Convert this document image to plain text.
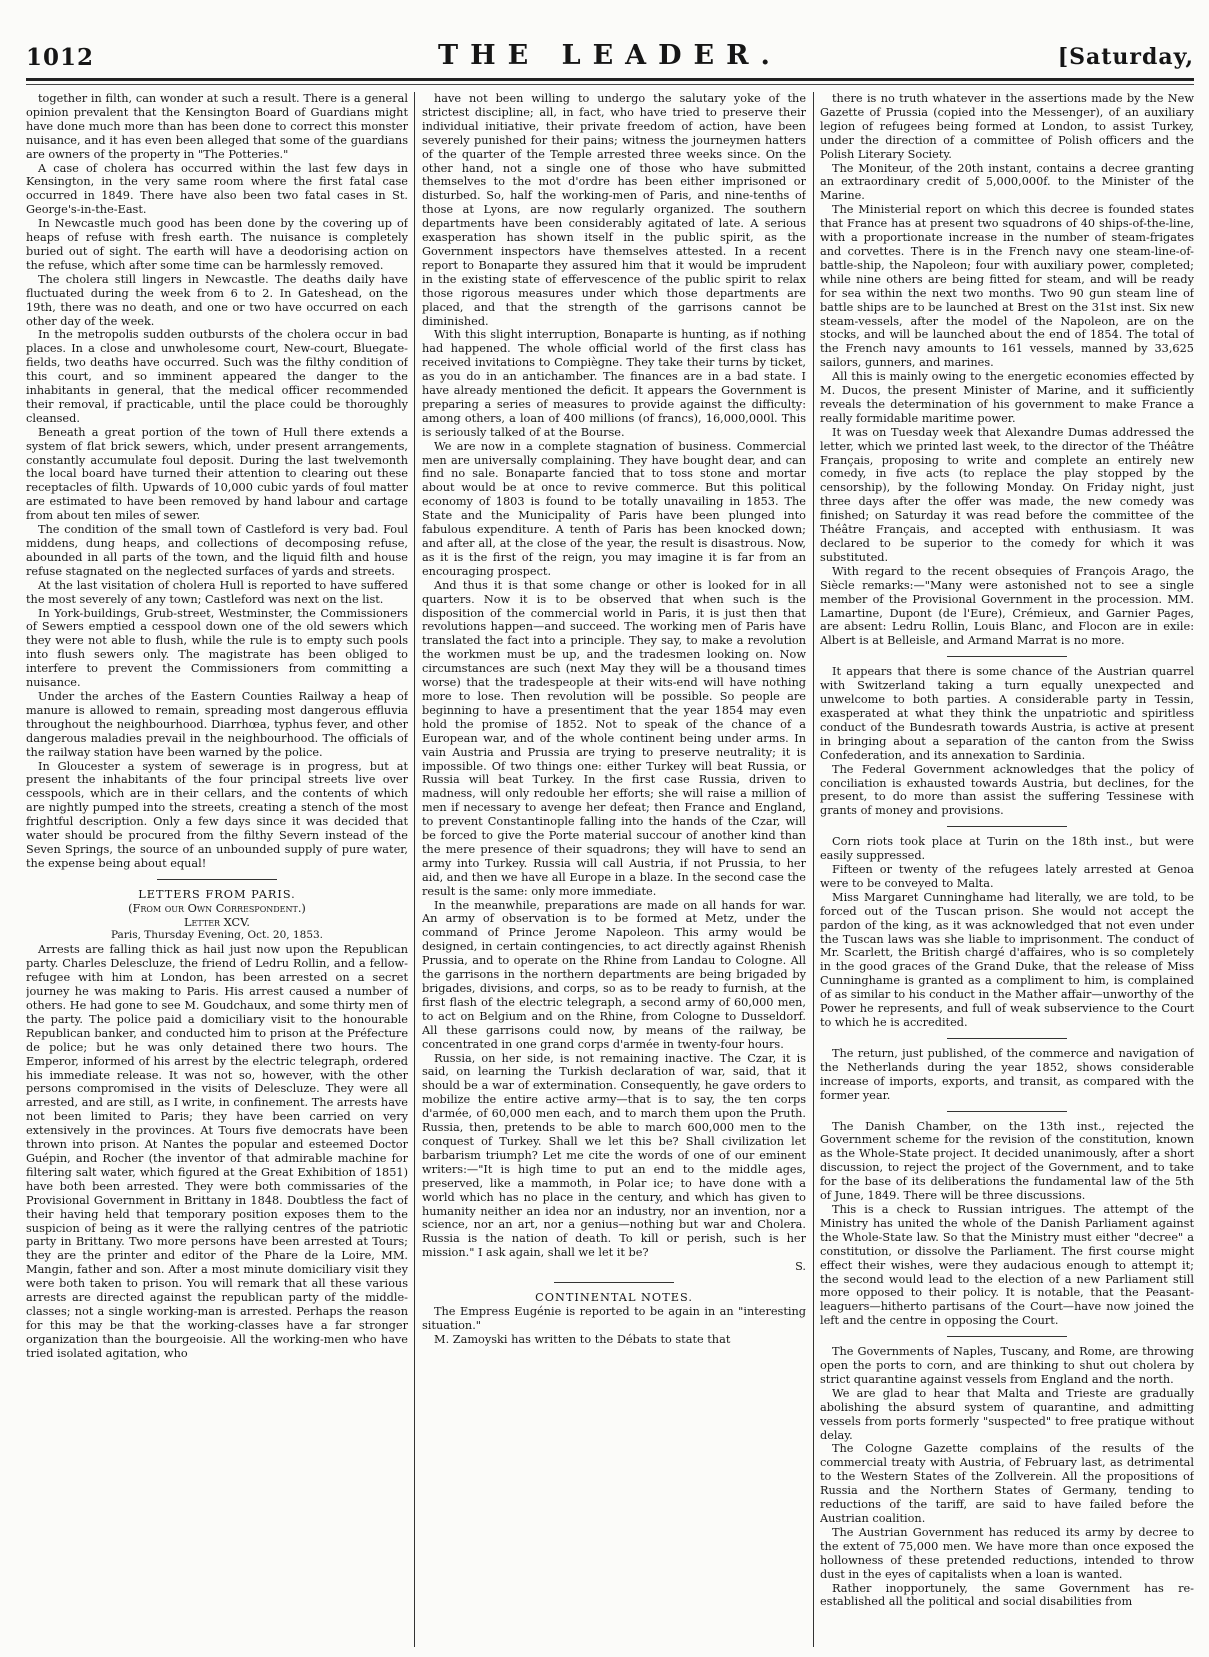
1012	THE LEADER.	[Saturday,

together in filth, can wonder at such a result. There is a general opinion prevalent that the Kensington Board of Guardians might have done much more than has been done to correct this monster nuisance, and it has even been alleged that some of the guardians are owners of the property in "The Potteries."

A case of cholera has occurred within the last few days in Kensington, in the very same room where the first fatal case occurred in 1849. There have also been two fatal cases in St. George's-in-the-East.

In Newcastle much good has been done by the covering up of heaps of refuse with fresh earth. The nuisance is completely buried out of sight. The earth will have a deodorising action on the refuse, which after some time can be harmlessly removed.

The cholera still lingers in Newcastle. The deaths daily have fluctuated during the week from 6 to 2. In Gateshead, on the 19th, there was no death, and one or two have occurred on each other day of the week.

In the metropolis sudden outbursts of the cholera occur in bad places. In a close and unwholesome court, New-court, Bluegate-fields, two deaths have occurred. Such was the filthy condition of this court, and so imminent appeared the danger to the inhabitants in general, that the medical officer recommended their removal, if practicable, until the place could be thoroughly cleansed.

Beneath a great portion of the town of Hull there extends a system of flat brick sewers, which, under present arrangements, constantly accumulate foul deposit. During the last twelvemonth the local board have turned their attention to clearing out these receptacles of filth. Upwards of 10,000 cubic yards of foul matter are estimated to have been removed by hand labour and cartage from about ten miles of sewer.

The condition of the small town of Castleford is very bad. Foul middens, dung heaps, and collections of decomposing refuse, abounded in all parts of the town, and the liquid filth and house refuse stagnated on the neglected surfaces of yards and streets.

At the last visitation of cholera Hull is reported to have suffered the most severely of any town; Castleford was next on the list.

In York-buildings, Grub-street, Westminster, the Commissioners of Sewers emptied a cesspool down one of the old sewers which they were not able to flush, while the rule is to empty such pools into flush sewers only. The magistrate has been obliged to interfere to prevent the Commissioners from committing a nuisance.

Under the arches of the Eastern Counties Railway a heap of manure is allowed to remain, spreading most dangerous effluvia throughout the neighbourhood. Diarrhœa, typhus fever, and other dangerous maladies prevail in the neighbourhood. The officials of the railway station have been warned by the police.

In Gloucester a system of sewerage is in progress, but at present the inhabitants of the four principal streets live over cesspools, which are in their cellars, and the contents of which are nightly pumped into the streets, creating a stench of the most frightful description. Only a few days since it was decided that water should be procured from the filthy Severn instead of the Seven Springs, the source of an unbounded supply of pure water, the expense being about equal!

LETTERS FROM PARIS.

(From our Own Correspondent.)

Letter XCV.

Paris, Thursday Evening, Oct. 20, 1853.

Arrests are falling thick as hail just now upon the Republican party. Charles Delescluze, the friend of Ledru Rollin, and a fellow-refugee with him at London, has been arrested on a secret journey he was making to Paris. His arrest caused a number of others. He had gone to see M. Goudchaux, and some thirty men of the party. The police paid a domiciliary visit to the honourable Republican banker, and conducted him to prison at the Préfecture de police; but he was only detained there two hours. The Emperor, informed of his arrest by the electric telegraph, ordered his immediate release. It was not so, however, with the other persons compromised in the visits of Delescluze. They were all arrested, and are still, as I write, in confinement. The arrests have not been limited to Paris; they have been carried on very extensively in the provinces. At Tours five democrats have been thrown into prison. At Nantes the popular and esteemed Doctor Guépin, and Rocher (the inventor of that admirable machine for filtering salt water, which figured at the Great Exhibition of 1851) have both been arrested. They were both commissaries of the Provisional Government in Brittany in 1848. Doubtless the fact of their having held that temporary position exposes them to the suspicion of being as it were the rallying centres of the patriotic party in Brittany. Two more persons have been arrested at Tours; they are the printer and editor of the Phare de la Loire, MM. Mangin, father and son. After a most minute domiciliary visit they were both taken to prison. You will remark that all these various arrests are directed against the republican party of the middle-classes; not a single working-man is arrested. Perhaps the reason for this may be that the working-classes have a far stronger organization than the bourgeoisie. All the working-men who have tried isolated agitation, who

have not been willing to undergo the salutary yoke of the strictest discipline; all, in fact, who have tried to preserve their individual initiative, their private freedom of action, have been severely punished for their pains; witness the journeymen hatters of the quarter of the Temple arrested three weeks since. On the other hand, not a single one of those who have submitted themselves to the mot d'ordre has been either imprisoned or disturbed. So, half the working-men of Paris, and nine-tenths of those at Lyons, are now regularly organized. The southern departments have been considerably agitated of late. A serious exasperation has shown itself in the public spirit, as the Government inspectors have themselves attested. In a recent report to Bonaparte they assured him that it would be imprudent in the existing state of effervescence of the public spirit to relax those rigorous measures under which those departments are placed, and that the strength of the garrisons cannot be diminished.

With this slight interruption, Bonaparte is hunting, as if nothing had happened. The whole official world of the first class has received invitations to Compiègne. They take their turns by ticket, as you do in an antichamber. The finances are in a bad state. I have already mentioned the deficit. It appears the Government is preparing a series of measures to provide against the difficulty: among others, a loan of 400 millions (of francs), 16,000,000l. This is seriously talked of at the Bourse.

We are now in a complete stagnation of business. Commercial men are universally complaining. They have bought dear, and can find no sale. Bonaparte fancied that to toss stone and mortar about would be at once to revive commerce. But this political economy of 1803 is found to be totally unavailing in 1853. The State and the Municipality of Paris have been plunged into fabulous expenditure. A tenth of Paris has been knocked down; and after all, at the close of the year, the result is disastrous. Now, as it is the first of the reign, you may imagine it is far from an encouraging prospect.

And thus it is that some change or other is looked for in all quarters. Now it is to be observed that when such is the disposition of the commercial world in Paris, it is just then that revolutions happen—and succeed. The working men of Paris have translated the fact into a principle. They say, to make a revolution the workmen must be up, and the tradesmen looking on. Now circumstances are such (next May they will be a thousand times worse) that the tradespeople at their wits-end will have nothing more to lose. Then revolution will be possible. So people are beginning to have a presentiment that the year 1854 may even hold the promise of 1852. Not to speak of the chance of a European war, and of the whole continent being under arms. In vain Austria and Prussia are trying to preserve neutrality; it is impossible. Of two things one: either Turkey will beat Russia, or Russia will beat Turkey. In the first case Russia, driven to madness, will only redouble her efforts; she will raise a million of men if necessary to avenge her defeat; then France and England, to prevent Constantinople falling into the hands of the Czar, will be forced to give the Porte material succour of another kind than the mere presence of their squadrons; they will have to send an army into Turkey. Russia will call Austria, if not Prussia, to her aid, and then we have all Europe in a blaze. In the second case the result is the same: only more immediate.

In the meanwhile, preparations are made on all hands for war. An army of observation is to be formed at Metz, under the command of Prince Jerome Napoleon. This army would be designed, in certain contingencies, to act directly against Rhenish Prussia, and to operate on the Rhine from Landau to Cologne. All the garrisons in the northern departments are being brigaded by brigades, divisions, and corps, so as to be ready to furnish, at the first flash of the electric telegraph, a second army of 60,000 men, to act on Belgium and on the Rhine, from Cologne to Dusseldorf. All these garrisons could now, by means of the railway, be concentrated in one grand corps d'armée in twenty-four hours.

Russia, on her side, is not remaining inactive. The Czar, it is said, on learning the Turkish declaration of war, said, that it should be a war of extermination. Consequently, he gave orders to mobilize the entire active army—that is to say, the ten corps d'armée, of 60,000 men each, and to march them upon the Pruth. Russia, then, pretends to be able to march 600,000 men to the conquest of Turkey. Shall we let this be? Shall civilization let barbarism triumph? Let me cite the words of one of our eminent writers:—"It is high time to put an end to the middle ages, preserved, like a mammoth, in Polar ice; to have done with a world which has no place in the century, and which has given to humanity neither an idea nor an industry, nor an invention, nor a science, nor an art, nor a genius—nothing but war and Cholera. Russia is the nation of death. To kill or perish, such is her mission." I ask again, shall we let it be?

S.

CONTINENTAL NOTES.

The Empress Eugénie is reported to be again in an "interesting situation."

M. Zamoyski has written to the Débats to state that

there is no truth whatever in the assertions made by the New Gazette of Prussia (copied into the Messenger), of an auxiliary legion of refugees being formed at London, to assist Turkey, under the direction of a committee of Polish officers and the Polish Literary Society.

The Moniteur, of the 20th instant, contains a decree granting an extraordinary credit of 5,000,000f. to the Minister of the Marine.

The Ministerial report on which this decree is founded states that France has at present two squadrons of 40 ships-of-the-line, with a proportionate increase in the number of steam-frigates and corvettes. There is in the French navy one steam-line-of-battle-ship, the Napoleon; four with auxiliary power, completed; while nine others are being fitted for steam, and will be ready for sea within the next two months. Two 90 gun steam line of battle ships are to be launched at Brest on the 31st inst. Six new steam-vessels, after the model of the Napoleon, are on the stocks, and will be launched about the end of 1854. The total of the French navy amounts to 161 vessels, manned by 33,625 sailors, gunners, and marines.

All this is mainly owing to the energetic economies effected by M. Ducos, the present Minister of Marine, and it sufficiently reveals the determination of his government to make France a really formidable maritime power.

It was on Tuesday week that Alexandre Dumas addressed the letter, which we printed last week, to the director of the Théâtre Français, proposing to write and complete an entirely new comedy, in five acts (to replace the play stopped by the censorship), by the following Monday. On Friday night, just three days after the offer was made, the new comedy was finished; on Saturday it was read before the committee of the Théâtre Français, and accepted with enthusiasm. It was declared to be superior to the comedy for which it was substituted.

With regard to the recent obsequies of François Arago, the Siècle remarks:—"Many were astonished not to see a single member of the Provisional Government in the procession. MM. Lamartine, Dupont (de l'Eure), Crémieux, and Garnier Pages, are absent: Ledru Rollin, Louis Blanc, and Flocon are in exile: Albert is at Belleisle, and Armand Marrat is no more.

It appears that there is some chance of the Austrian quarrel with Switzerland taking a turn equally unexpected and unwelcome to both parties. A considerable party in Tessin, exasperated at what they think the unpatriotic and spiritless conduct of the Bundesrath towards Austria, is active at present in bringing about a separation of the canton from the Swiss Confederation, and its annexation to Sardinia.

The Federal Government acknowledges that the policy of conciliation is exhausted towards Austria, but declines, for the present, to do more than assist the suffering Tessinese with grants of money and provisions.

Corn riots took place at Turin on the 18th inst., but were easily suppressed.

Fifteen or twenty of the refugees lately arrested at Genoa were to be conveyed to Malta.

Miss Margaret Cunninghame had literally, we are told, to be forced out of the Tuscan prison. She would not accept the pardon of the king, as it was acknowledged that not even under the Tuscan laws was she liable to imprisonment. The conduct of Mr. Scarlett, the British chargé d'affaires, who is so completely in the good graces of the Grand Duke, that the release of Miss Cunninghame is granted as a compliment to him, is complained of as similar to his conduct in the Mather affair—unworthy of the Power he represents, and full of weak subservience to the Court to which he is accredited.

The return, just published, of the commerce and navigation of the Netherlands during the year 1852, shows considerable increase of imports, exports, and transit, as compared with the former year.

The Danish Chamber, on the 13th inst., rejected the Government scheme for the revision of the constitution, known as the Whole-State project. It decided unanimously, after a short discussion, to reject the project of the Government, and to take for the base of its deliberations the fundamental law of the 5th of June, 1849. There will be three discussions.

This is a check to Russian intrigues. The attempt of the Ministry has united the whole of the Danish Parliament against the Whole-State law. So that the Ministry must either "decree" a constitution, or dissolve the Parliament. The first course might effect their wishes, were they audacious enough to attempt it; the second would lead to the election of a new Parliament still more opposed to their policy. It is notable, that the Peasant-leaguers—hitherto partisans of the Court—have now joined the left and the centre in opposing the Court.

The Governments of Naples, Tuscany, and Rome, are throwing open the ports to corn, and are thinking to shut out cholera by strict quarantine against vessels from England and the north.

We are glad to hear that Malta and Trieste are gradually abolishing the absurd system of quarantine, and admitting vessels from ports formerly "suspected" to free pratique without delay.

The Cologne Gazette complains of the results of the commercial treaty with Austria, of February last, as detrimental to the Western States of the Zollverein. All the propositions of Russia and the Northern States of Germany, tending to reductions of the tariff, are said to have failed before the Austrian coalition.

The Austrian Government has reduced its army by decree to the extent of 75,000 men. We have more than once exposed the hollowness of these pretended reductions, intended to throw dust in the eyes of capitalists when a loan is wanted.

Rather inopportunely, the same Government has re-established all the political and social disabilities from
